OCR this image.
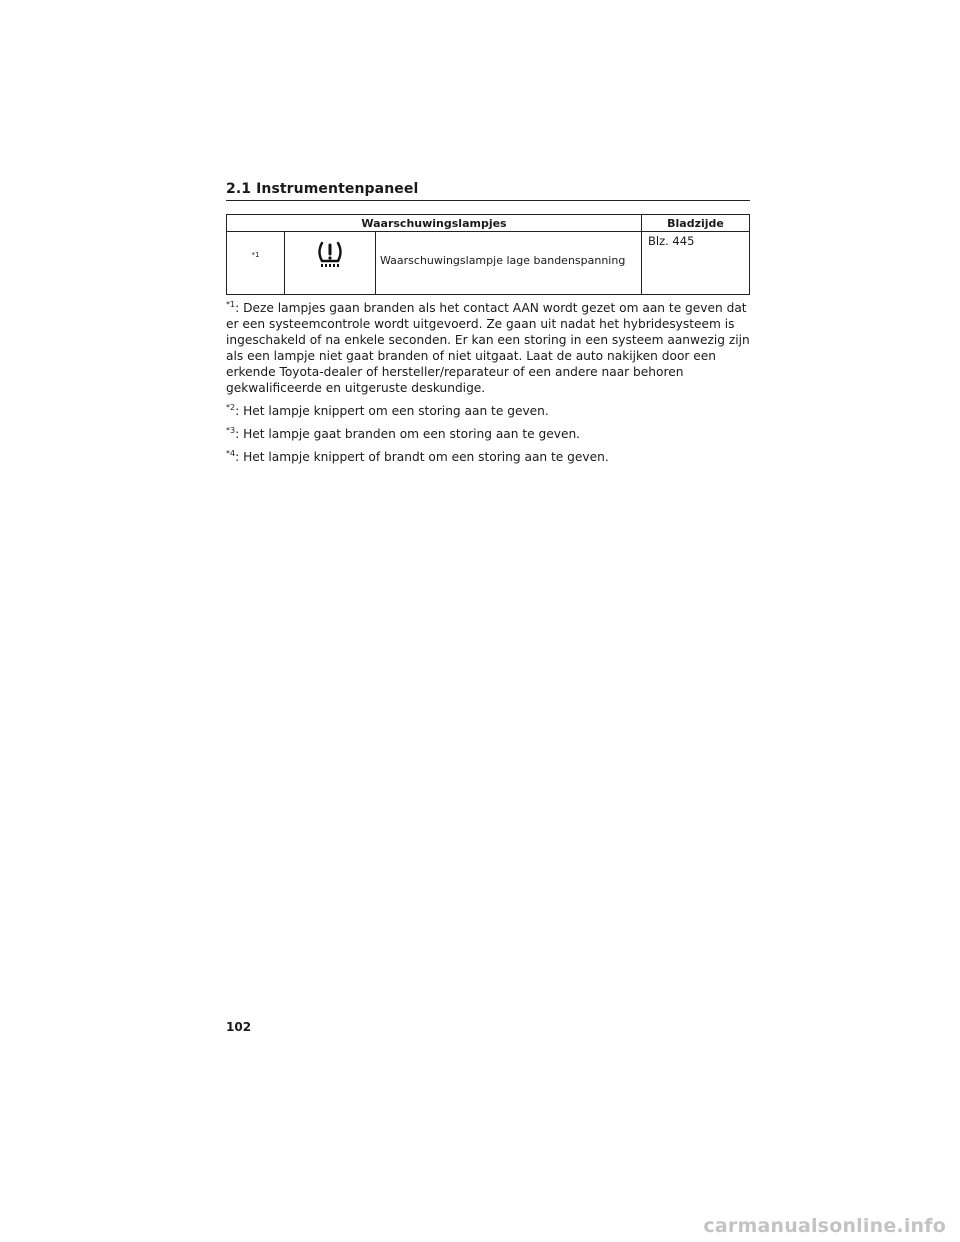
2.1 Instrumentenpaneel
Waarschuwingslampjes			Bladzijde
*1		Waarschuwingslampje lage bandenspanning	Blz. 445

$^{*1}$: Deze lampjes gaan branden als het contact AAN wordt gezet om aan te geven dat er een systeemcontrole wordt uitgevoerd. Ze gaan uit nadat het hybridesysteem is ingeschakeld of na enkele seconden. Er kan een storing in een systeem aanwezig zijn als een lampje niet gaat branden of niet uitgaat. Laat de auto nakijken door een erkende Toyota-dealer of hersteller/reparateur of een andere naar behoren gekwalificeerde en uitgeruste deskundige.

$^{*2}$: Het lampje knippert om een storing aan te geven.

$^{*3}$: Het lampje gaat branden om een storing aan te geven.

$^{*4}$: Het lampje knippert of brandt om een storing aan te geven.

102
carmanualsonline.info
